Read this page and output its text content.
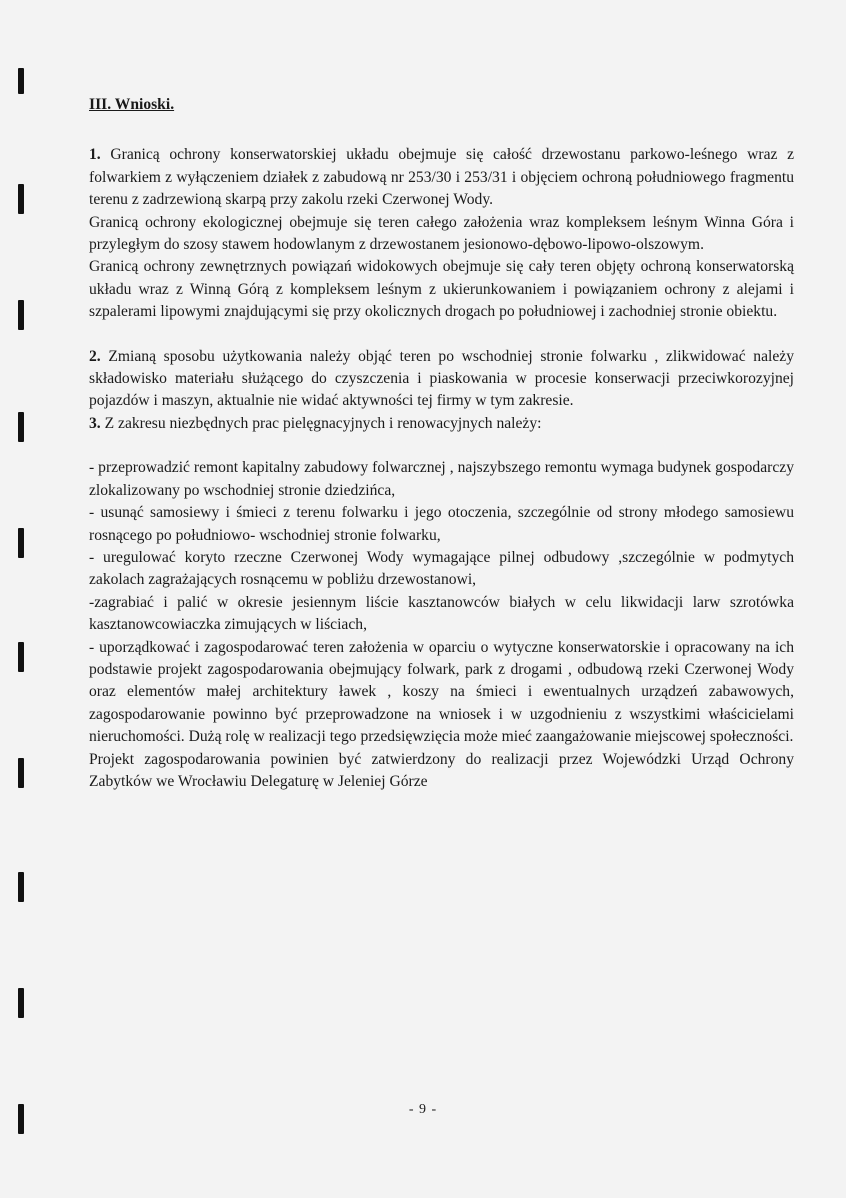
III. Wnioski.

1. Granicą ochrony konserwatorskiej układu obejmuje się całość drzewostanu parkowo-leśnego wraz z folwarkiem z wyłączeniem działek z zabudową nr 253/30 i 253/31 i objęciem ochroną południowego fragmentu terenu z zadrzewioną skarpą przy zakolu rzeki Czerwonej Wody.

Granicą ochrony ekologicznej obejmuje się teren całego założenia wraz kompleksem leśnym Winna Góra i przyległym do szosy stawem hodowlanym z drzewostanem jesionowo-dębowo-lipowo-olszowym.

Granicą ochrony zewnętrznych powiązań widokowych obejmuje się cały teren objęty ochroną konserwatorską układu wraz z Winną Górą z kompleksem leśnym z ukierunkowaniem i powiązaniem ochrony z alejami i szpalerami lipowymi znajdującymi się przy okolicznych drogach po południowej i zachodniej stronie obiektu.

2. Zmianą sposobu użytkowania należy objąć teren po wschodniej stronie folwarku , zlikwidować należy składowisko materiału służącego do czyszczenia i piaskowania w procesie konserwacji przeciwkorozyjnej pojazdów i maszyn, aktualnie nie widać aktywności tej firmy w tym zakresie.

3. Z zakresu niezbędnych prac pielęgnacyjnych i renowacyjnych należy:

- przeprowadzić remont kapitalny zabudowy folwarcznej , najszybszego remontu wymaga budynek gospodarczy zlokalizowany po wschodniej stronie dziedzińca,

- usunąć samosiewy i śmieci z terenu folwarku i jego otoczenia, szczególnie od strony młodego samosiewu rosnącego po południowo- wschodniej stronie folwarku,

- uregulować koryto rzeczne Czerwonej Wody wymagające pilnej odbudowy ,szczególnie w podmytych zakolach zagrażających rosnącemu w pobliżu drzewostanowi,

-zagrabiać i palić w okresie jesiennym liście kasztanowców białych w celu likwidacji larw szrotówka kasztanowcowiaczka zimujących w liściach,

- uporządkować i zagospodarować teren założenia w oparciu o wytyczne konserwatorskie i opracowany na ich podstawie projekt zagospodarowania obejmujący folwark, park z drogami , odbudową rzeki Czerwonej Wody oraz elementów małej architektury ławek , koszy na śmieci i ewentualnych urządzeń zabawowych, zagospodarowanie powinno być przeprowadzone na wniosek i w uzgodnieniu z wszystkimi właścicielami nieruchomości. Dużą rolę w realizacji tego przedsięwzięcia może mieć zaangażowanie miejscowej społeczności.

Projekt zagospodarowania powinien być zatwierdzony do realizacji przez Wojewódzki Urząd Ochrony Zabytków we Wrocławiu Delegaturę w Jeleniej Górze

- 9 -
